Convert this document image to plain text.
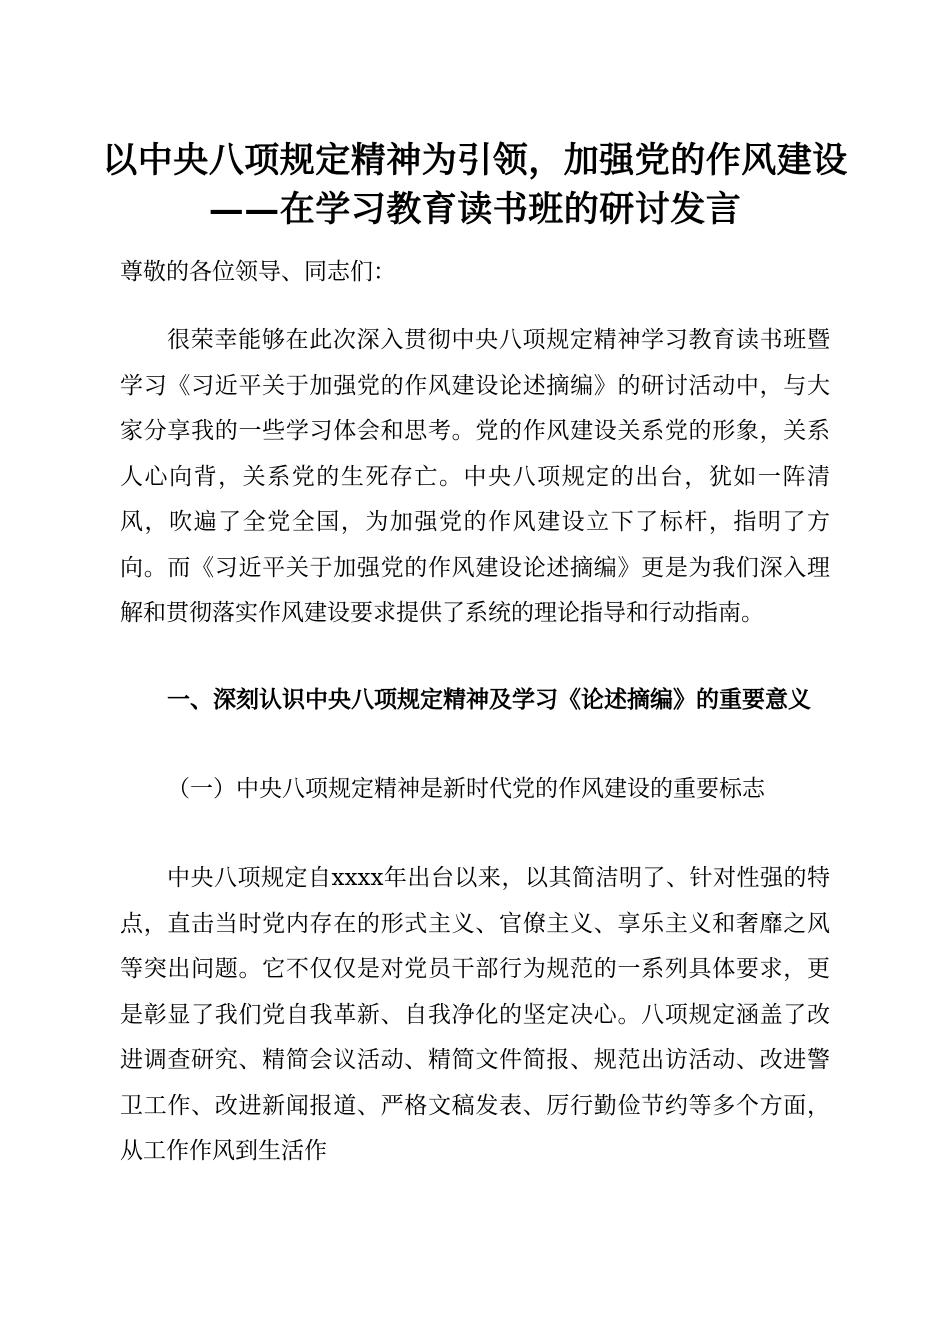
以中央八项规定精神为引领，加强党的作风建设——在学习教育读书班的研讨发言

尊敬的各位领导、同志们：

很荣幸能够在此次深入贯彻中央八项规定精神学习教育读书班暨学习《习近平关于加强党的作风建设论述摘编》的研讨活动中，与大家分享我的一些学习体会和思考。党的作风建设关系党的形象，关系人心向背，关系党的生死存亡。中央八项规定的出台，犹如一阵清风，吹遍了全党全国，为加强党的作风建设立下了标杆，指明了方向。而《习近平关于加强党的作风建设论述摘编》更是为我们深入理解和贯彻落实作风建设要求提供了系统的理论指导和行动指南。

一、深刻认识中央八项规定精神及学习《论述摘编》的重要意义

（一）中央八项规定精神是新时代党的作风建设的重要标志

中央八项规定自xxxx年出台以来，以其简洁明了、针对性强的特点，直击当时党内存在的形式主义、官僚主义、享乐主义和奢靡之风等突出问题。它不仅仅是对党员干部行为规范的一系列具体要求，更是彰显了我们党自我革新、自我净化的坚定决心。八项规定涵盖了改进调查研究、精简会议活动、精简文件简报、规范出访活动、改进警卫工作、改进新闻报道、严格文稿发表、厉行勤俭节约等多个方面，从工作作风到生活作
